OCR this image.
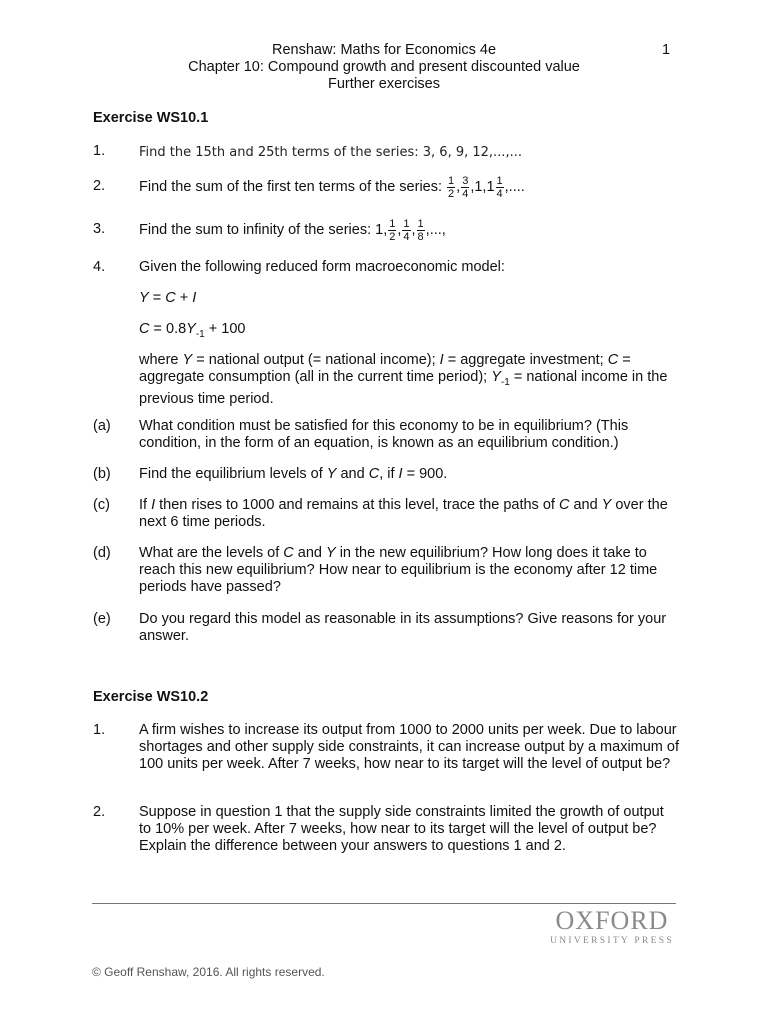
Renshaw: Maths for Economics 4e
Chapter 10: Compound growth and present discounted value
Further exercises
1
Exercise WS10.1
1.	Find the 15th and 25th terms of the series: 3, 6, 9, 12,...,...
2. Find the sum of the first ten terms of the series: $\frac{1}{2}$ , $\frac{3}{4} ,1,1 \frac{1}{4}$ ,....
3. Find the sum to infinity of the series: 1, $\frac{1}{2}$ , $\frac{1}{4}$ , $\frac{1}{8}$ ,...,
4. Given the following reduced form macroeconomic model:
Y = C + I
$C = 0.8Y_{-1} + 100$
where Y = national output (= national income); I = aggregate investment; C = aggregate consumption (all in the current time period); $Y_{-1}$ = national income in the previous time period.
(a) What condition must be satisfied for this economy to be in equilibrium? (This condition, in the form of an equation, is known as an equilibrium condition.)
(b) Find the equilibrium levels of Y and C, if I = 900.
(c) If I then rises to 1000 and remains at this level, trace the paths of C and Y over the next 6 time periods.
(d) What are the levels of C and Y in the new equilibrium? How long does it take to reach this new equilibrium? How near to equilibrium is the economy after 12 time periods have passed?
(e) Do you regard this model as reasonable in its assumptions? Give reasons for your answer.
Exercise WS10.2
1. A firm wishes to increase its output from 1000 to 2000 units per week. Due to labour shortages and other supply side constraints, it can increase output by a maximum of 100 units per week. After 7 weeks, how near to its target will the level of output be?
2. Suppose in question 1 that the supply side constraints limited the growth of output to 10% per week. After 7 weeks, how near to its target will the level of output be? Explain the difference between your answers to questions 1 and 2.
OXFORD
UNIVERSITY PRESS
© Geoff Renshaw, 2016. All rights reserved.
